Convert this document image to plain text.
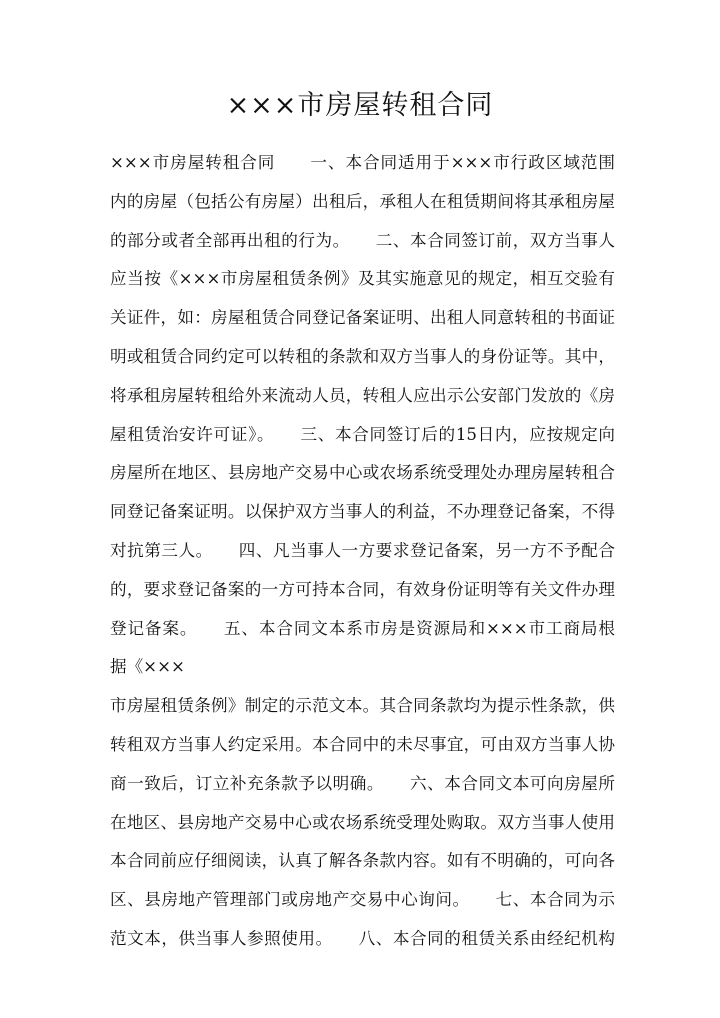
×××市房屋转租合同
×××市房屋转租合同　　一、本合同适用于×××市行政区域范围
内的房屋（包括公有房屋）出租后，承租人在租赁期间将其承租房屋
的部分或者全部再出租的行为。　　二、本合同签订前，双方当事人
应当按《×××市房屋租赁条例》及其实施意见的规定，相互交验有
关证件，如：房屋租赁合同登记备案证明、出租人同意转租的书面证
明或租赁合同约定可以转租的条款和双方当事人的身份证等。其中，
将承租房屋转租给外来流动人员，转租人应出示公安部门发放的《房
屋租赁治安许可证》。　　三、本合同签订后的15日内，应按规定向
房屋所在地区、县房地产交易中心或农场系统受理处办理房屋转租合
同登记备案证明。以保护双方当事人的利益，不办理登记备案，不得
对抗第三人。　　四、凡当事人一方要求登记备案，另一方不予配合
的，要求登记备案的一方可持本合同，有效身份证明等有关文件办理
登记备案。　　五、本合同文本系市房是资源局和×××市工商局根
据《×××
市房屋租赁条例》制定的示范文本。其合同条款均为提示性条款，供
转租双方当事人约定采用。本合同中的未尽事宜，可由双方当事人协
商一致后，订立补充条款予以明确。　　六、本合同文本可向房屋所
在地区、县房地产交易中心或农场系统受理处购取。双方当事人使用
本合同前应仔细阅读，认真了解各条款内容。如有不明确的，可向各
区、县房地产管理部门或房地产交易中心询问。　　七、本合同为示
范文本，供当事人参照使用。　　八、本合同的租赁关系由经纪机构
